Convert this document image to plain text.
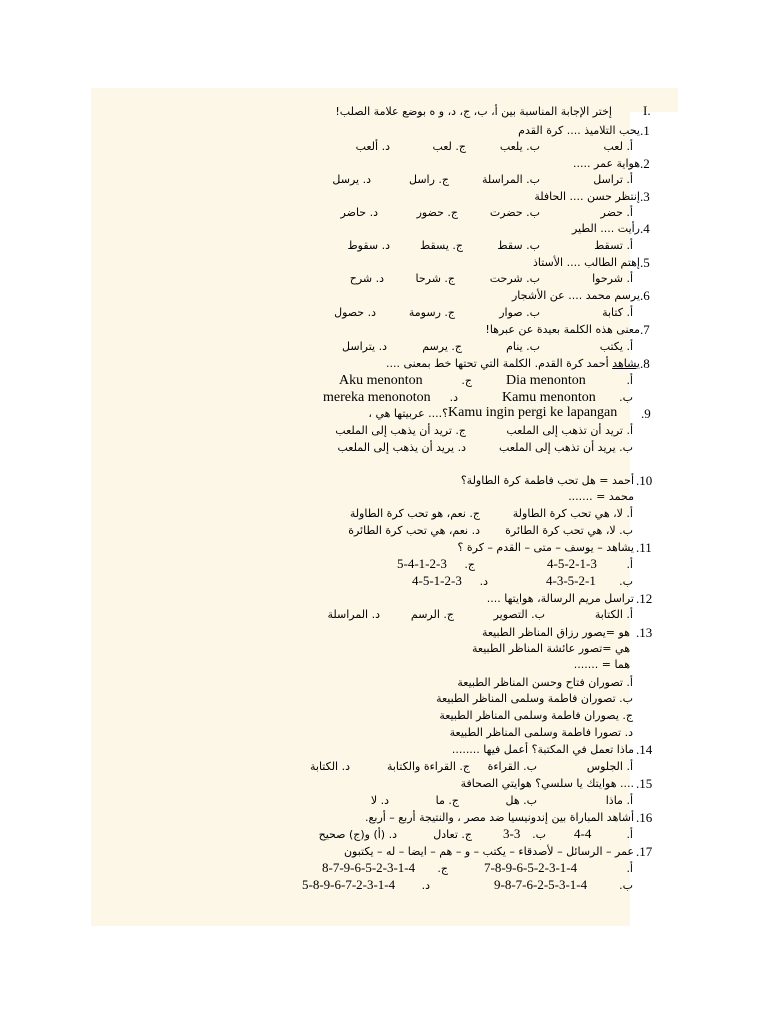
I.
إختر الإجابة المناسبة بين أ، ب، ج، د، و ه بوضع علامة الصلب!
.1
يحب التلاميذ .... كرة القدم
أ. لعب
ب. يلعب
ج. لعب
د. ألعب
.2
هواية عمر .....
أ. تراسل
ب. المراسلة
ج. راسل
د. يرسل
.3
إنتظر حسن .... الحافلة
أ. حضر
ب. حضرت
ج. حضور
د. حاضر
.4
رأيت .... الطير
أ. تسقط
ب. سقط
ج. يسقط
د. سقوط
.5
إهتم الطالب .... الأستاذ
أ. شرحوا
ب. شرحت
ج. شرحا
د. شرح
.6
يرسم محمد .... عن الأشجار
أ. كتابة
ب. صوار
ج. رسومة
د. حصول
.7
معنى هذه الكلمة بعيدة عن عبرها!
أ. يكتب
ب. ينام
ج. يرسم
د. يتراسل
.8
يشاهد أحمد كرة القدم. الكلمة التي تحتها خط بمعنى ....
أ.
Dia menonton
ج.
Aku menonton
ب.
Kamu menonton
د.
mereka menonoton
.9
Kamu ingin pergi ke lapangan
؟.... عربيتها هي ،
أ. تريد أن تذهب إلى الملعب
ج. تريد أن يذهب إلى الملعب
ب. يريد أن تذهب إلى الملعب
د. يريد أن يذهب إلى الملعب
.10
أحمد = هل تحب فاطمة كرة الطاولة؟
محمد = .......
أ. لا، هي تحب كرة الطاولة
ج. نعم، هو تحب كرة الطاولة
ب. لا، هي تحب كرة الطائرة
د. نعم، هي تحب كرة الطائرة
.11
يشاهد – يوسف – متى – القدم – كرة ؟
أ.
4-5-2-1-3
ج.
5-4-1-2-3
ب.
4-3-5-2-1
د.
4-5-1-2-3
.12
تراسل مريم الرسالة، هوايتها ....
أ. الكتابة
ب. التصوير
ج. الرسم
د. المراسلة
.13
هو =يصور رزاق المناظر الطبيعة
هي =تصور عائشة المناظر الطبيعة
هما = .......
أ. تصوران فتاح وحسن المناظر الطبيعة
ب. تصوران فاطمة وسلمى المناظر الطبيعة
ج. يصوران فاطمة وسلمى المناظر الطبيعة
د. تصورا فاطمة وسلمى المناظر الطبيعة
.14
ماذا تعمل في المكتبة؟ أعمل فيها ........
أ. الجلوس
ب. القراءة
ج. القراءة والكتابة
د. الكتابة
.15
.... هوايتك يا سلسي؟ هوايتي الصحافة
أ. ماذا
ب. هل
ج. ما
د. لا
.16
أشاهد المباراة بين إندونيسيا ضد مصر ، والنتيجة أربع – أربع.
أ.
4-4
ب.
3-3
ج. تعادل
د. (أ) و(ج) صحيح
.17
عمر – الرسائل – لأصدقاء – يكتب – و – هم – ايضا – له – يكتبون
أ.
7-8-9-6-5-2-3-1-4
ج.
8-7-9-6-5-2-3-1-4
ب.
9-8-7-6-2-5-3-1-4
د.
5-8-9-6-7-2-3-1-4
